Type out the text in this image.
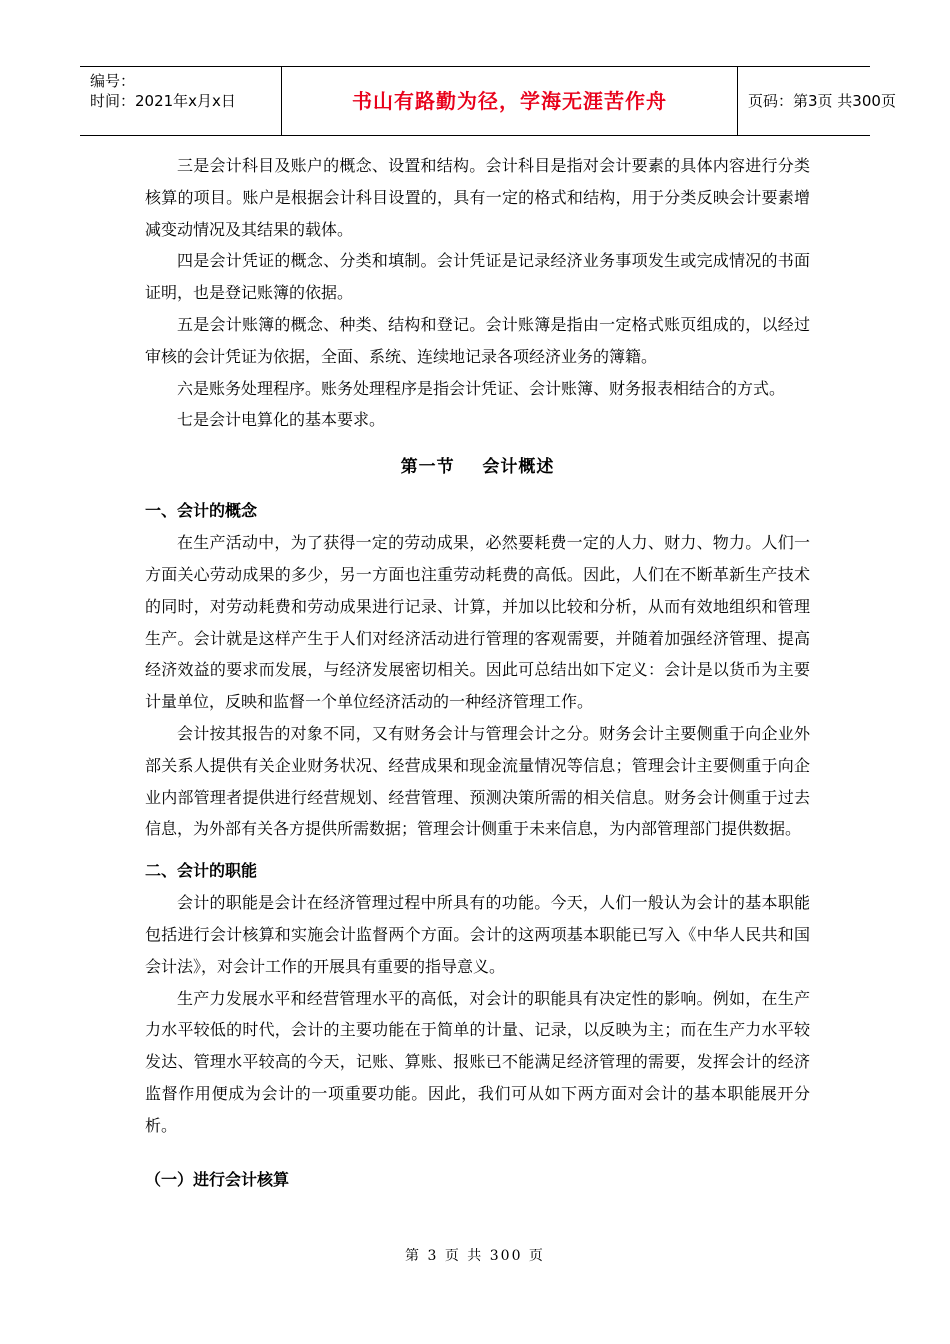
编号：
时间：2021年x月x日	书山有路勤为径，学海无涯苦作舟	页码：第3页 共300页

三是会计科目及账户的概念、设置和结构。会计科目是指对会计要素的具体内容进行分类核算的项目。账户是根据会计科目设置的，具有一定的格式和结构，用于分类反映会计要素增减变动情况及其结果的载体。

四是会计凭证的概念、分类和填制。会计凭证是记录经济业务事项发生或完成情况的书面证明，也是登记账簿的依据。

五是会计账簿的概念、种类、结构和登记。会计账簿是指由一定格式账页组成的，以经过审核的会计凭证为依据，全面、系统、连续地记录各项经济业务的簿籍。

六是账务处理程序。账务处理程序是指会计凭证、会计账簿、财务报表相结合的方式。

七是会计电算化的基本要求。

第一节    会计概述
一、会计的概念

在生产活动中，为了获得一定的劳动成果，必然要耗费一定的人力、财力、物力。人们一方面关心劳动成果的多少，另一方面也注重劳动耗费的高低。因此，人们在不断革新生产技术的同时，对劳动耗费和劳动成果进行记录、计算，并加以比较和分析，从而有效地组织和管理生产。会计就是这样产生于人们对经济活动进行管理的客观需要，并随着加强经济管理、提高经济效益的要求而发展，与经济发展密切相关。因此可总结出如下定义：会计是以货币为主要计量单位，反映和监督一个单位经济活动的一种经济管理工作。

会计按其报告的对象不同，又有财务会计与管理会计之分。财务会计主要侧重于向企业外部关系人提供有关企业财务状况、经营成果和现金流量情况等信息；管理会计主要侧重于向企业内部管理者提供进行经营规划、经营管理、预测决策所需的相关信息。财务会计侧重于过去信息，为外部有关各方提供所需数据；管理会计侧重于未来信息，为内部管理部门提供数据。

二、会计的职能

会计的职能是会计在经济管理过程中所具有的功能。今天，人们一般认为会计的基本职能包括进行会计核算和实施会计监督两个方面。会计的这两项基本职能已写入《中华人民共和国会计法》，对会计工作的开展具有重要的指导意义。

生产力发展水平和经营管理水平的高低，对会计的职能具有决定性的影响。例如，在生产力水平较低的时代，会计的主要功能在于简单的计量、记录，以反映为主；而在生产力水平较发达、管理水平较高的今天，记账、算账、报账已不能满足经济管理的需要，发挥会计的经济监督作用便成为会计的一项重要功能。因此，我们可从如下两方面对会计的基本职能展开分析。

（一）进行会计核算
第 3 页 共 300 页
